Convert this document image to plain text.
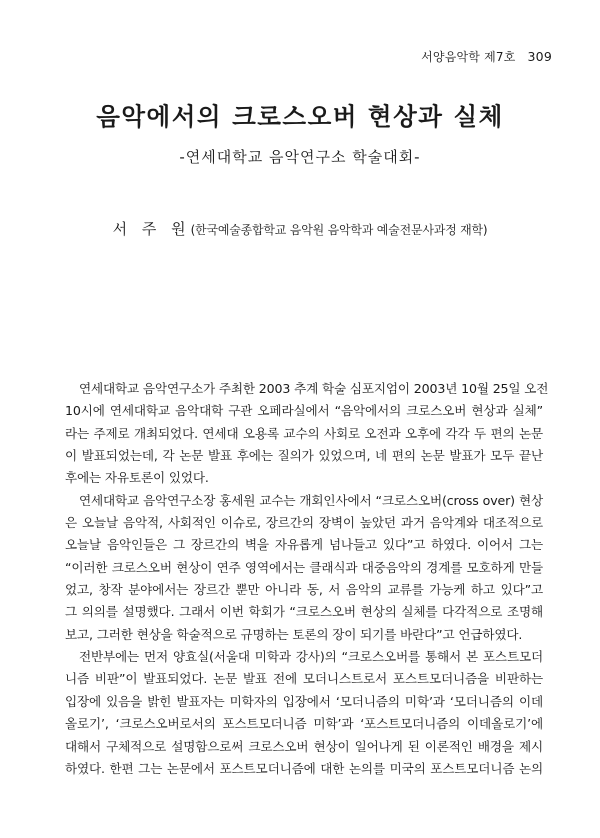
서양음악학 제7호 309
음악에서의 크로스오버 현상과 실체
-연세대학교 음악연구소 학술대회-
서 주 원(한국예술종합학교 음악원 음악학과 예술전문사과정 재학)
연세대학교 음악연구소가 주최한 2003 추계 학술 심포지엄이 2003년 10월 25일 오전
10시에 연세대학교 음악대학 구관 오페라실에서 “음악에서의 크로스오버 현상과 실체”
라는 주제로 개최되었다. 연세대 오용록 교수의 사회로 오전과 오후에 각각 두 편의 논문
이 발표되었는데, 각 논문 발표 후에는 질의가 있었으며, 네 편의 논문 발표가 모두 끝난
후에는 자유토론이 있었다.
연세대학교 음악연구소장 홍세원 교수는 개회인사에서 “크로스오버(cross over) 현상
은 오늘날 음악적, 사회적인 이슈로, 장르간의 장벽이 높았던 과거 음악계와 대조적으로
오늘날 음악인들은 그 장르간의 벽을 자유롭게 넘나들고 있다”고 하였다. 이어서 그는
“이러한 크로스오버 현상이 연주 영역에서는 클래식과 대중음악의 경계를 모호하게 만들
었고, 창작 분야에서는 장르간 뿐만 아니라 동, 서 음악의 교류를 가능케 하고 있다”고
그 의의를 설명했다. 그래서 이번 학회가 “크로스오버 현상의 실체를 다각적으로 조명해
보고, 그러한 현상을 학술적으로 규명하는 토론의 장이 되기를 바란다”고 언급하였다.
전반부에는 먼저 양효실(서울대 미학과 강사)의 “크로스오버를 통해서 본 포스트모더
니즘 비판”이 발표되었다. 논문 발표 전에 모더니스트로서 포스트모더니즘을 비판하는
입장에 있음을 밝힌 발표자는 미학자의 입장에서 ‘모더니즘의 미학’과 ‘모더니즘의 이데
올로기’, ‘크로스오버로서의 포스트모더니즘 미학’과 ‘포스트모더니즘의 이데올로기’에
대해서 구체적으로 설명함으로써 크로스오버 현상이 일어나게 된 이론적인 배경을 제시
하였다. 한편 그는 논문에서 포스트모더니즘에 대한 논의를 미국의 포스트모더니즘 논의
